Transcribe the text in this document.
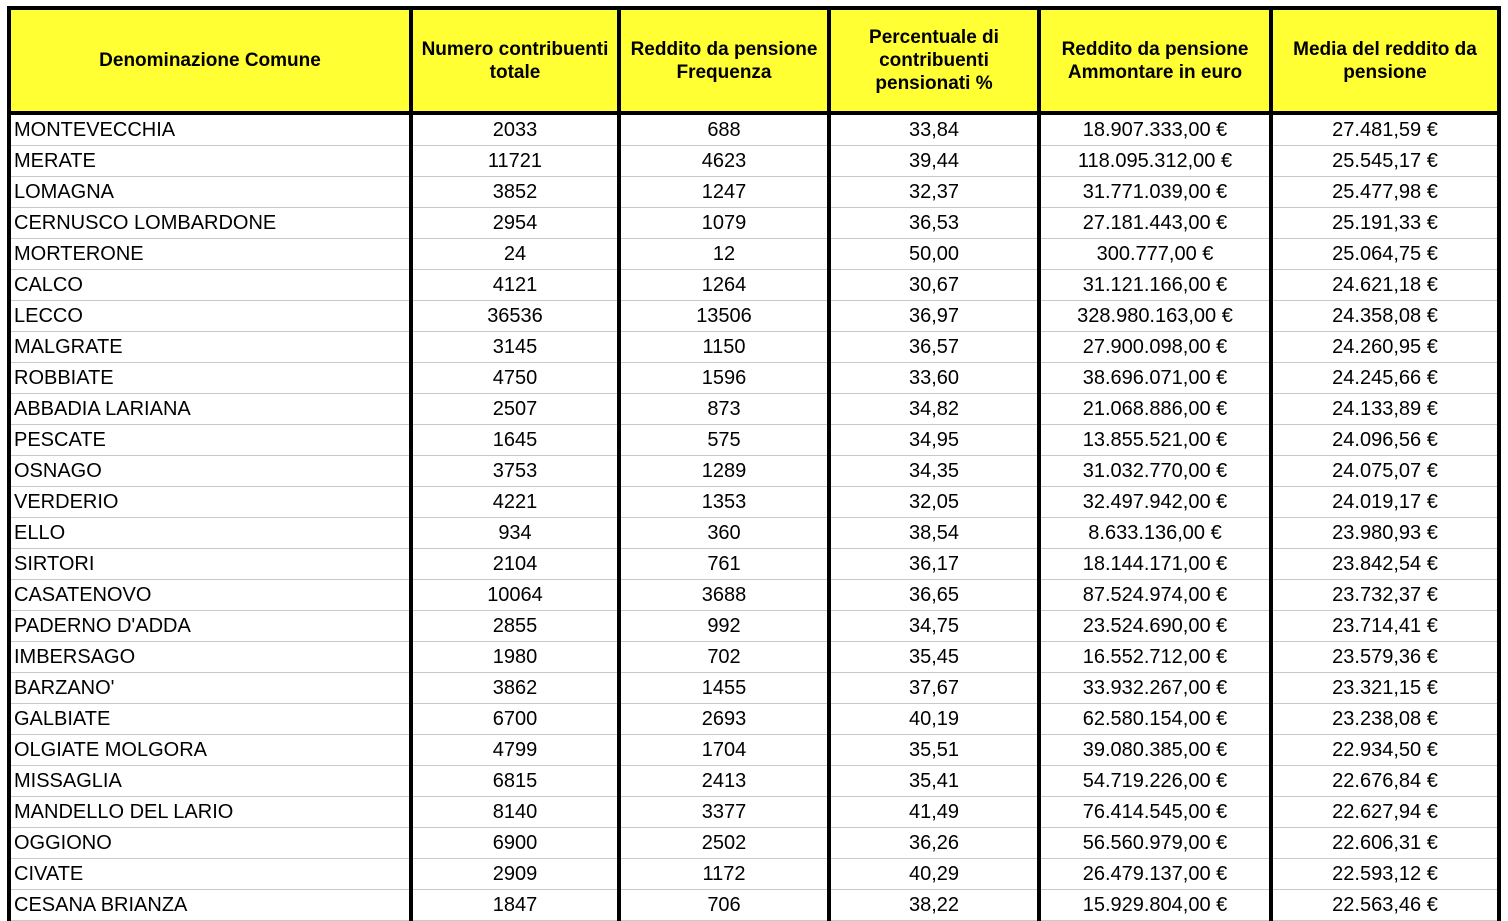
Denominazione Comune	Numero contribuenti totale	Reddito da pensione Frequenza	Percentuale di contribuenti pensionati %	Reddito da pensione Ammontare in euro	Media del reddito da pensione
MONTEVECCHIA	2033	688	33,84	18.907.333,00 €	27.481,59 €
MERATE	11721	4623	39,44	118.095.312,00 €	25.545,17 €
LOMAGNA	3852	1247	32,37	31.771.039,00 €	25.477,98 €
CERNUSCO LOMBARDONE	2954	1079	36,53	27.181.443,00 €	25.191,33 €
MORTERONE	24	12	50,00	300.777,00 €	25.064,75 €
CALCO	4121	1264	30,67	31.121.166,00 €	24.621,18 €
LECCO	36536	13506	36,97	328.980.163,00 €	24.358,08 €
MALGRATE	3145	1150	36,57	27.900.098,00 €	24.260,95 €
ROBBIATE	4750	1596	33,60	38.696.071,00 €	24.245,66 €
ABBADIA LARIANA	2507	873	34,82	21.068.886,00 €	24.133,89 €
PESCATE	1645	575	34,95	13.855.521,00 €	24.096,56 €
OSNAGO	3753	1289	34,35	31.032.770,00 €	24.075,07 €
VERDERIO	4221	1353	32,05	32.497.942,00 €	24.019,17 €
ELLO	934	360	38,54	8.633.136,00 €	23.980,93 €
SIRTORI	2104	761	36,17	18.144.171,00 €	23.842,54 €
CASATENOVO	10064	3688	36,65	87.524.974,00 €	23.732,37 €
PADERNO D'ADDA	2855	992	34,75	23.524.690,00 €	23.714,41 €
IMBERSAGO	1980	702	35,45	16.552.712,00 €	23.579,36 €
BARZANO'	3862	1455	37,67	33.932.267,00 €	23.321,15 €
GALBIATE	6700	2693	40,19	62.580.154,00 €	23.238,08 €
OLGIATE MOLGORA	4799	1704	35,51	39.080.385,00 €	22.934,50 €
MISSAGLIA	6815	2413	35,41	54.719.226,00 €	22.676,84 €
MANDELLO DEL LARIO	8140	3377	41,49	76.414.545,00 €	22.627,94 €
OGGIONO	6900	2502	36,26	56.560.979,00 €	22.606,31 €
CIVATE	2909	1172	40,29	26.479.137,00 €	22.593,12 €
CESANA BRIANZA	1847	706	38,22	15.929.804,00 €	22.563,46 €
